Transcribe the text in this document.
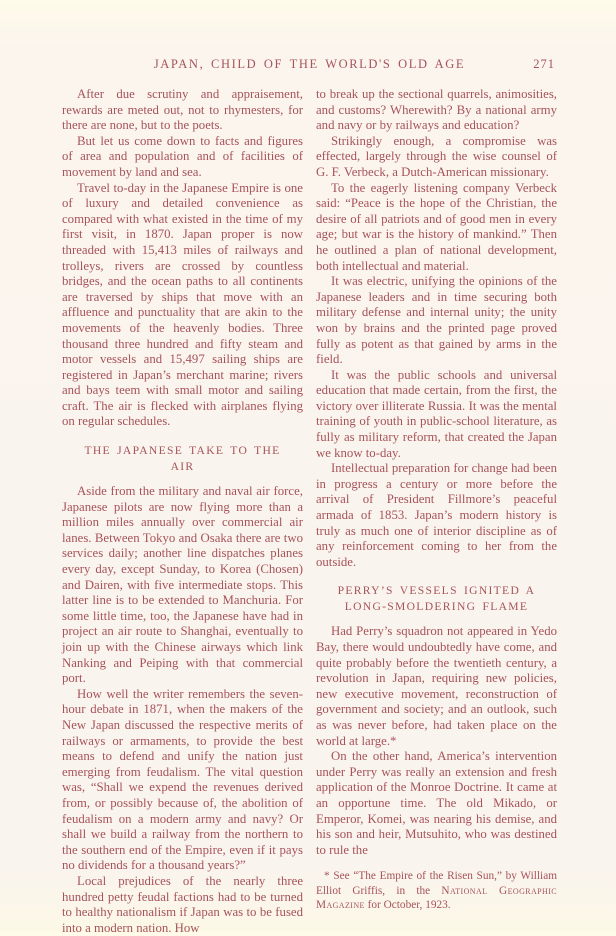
JAPAN, CHILD OF THE WORLD'S OLD AGE	271

After due scrutiny and appraisement, rewards are meted out, not to rhymesters, for there are none, but to the poets.

But let us come down to facts and figures of area and population and of facilities of movement by land and sea.

Travel to-day in the Japanese Empire is one of luxury and detailed convenience as compared with what existed in the time of my first visit, in 1870. Japan proper is now threaded with 15,413 miles of railways and trolleys, rivers are crossed by countless bridges, and the ocean paths to all continents are traversed by ships that move with an affluence and punctuality that are akin to the movements of the heavenly bodies. Three thousand three hundred and fifty steam and motor vessels and 15,497 sailing ships are registered in Japan’s merchant marine; rivers and bays teem with small motor and sailing craft. The air is flecked with airplanes flying on regular schedules.

THE JAPANESE TAKE TO THE AIR

Aside from the military and naval air force, Japanese pilots are now flying more than a million miles annually over commercial air lanes. Between Tokyo and Osaka there are two services daily; another line dispatches planes every day, except Sunday, to Korea (Chosen) and Dairen, with five intermediate stops. This latter line is to be extended to Manchuria. For some little time, too, the Japanese have had in project an air route to Shanghai, eventually to join up with the Chinese airways which link Nanking and Peiping with that commercial port.

How well the writer remembers the seven-hour debate in 1871, when the makers of the New Japan discussed the respective merits of railways or armaments, to provide the best means to defend and unify the nation just emerging from feudalism. The vital question was, “Shall we expend the revenues derived from, or possibly because of, the abolition of feudalism on a modern army and navy? Or shall we build a railway from the northern to the southern end of the Empire, even if it pays no dividends for a thousand years?”

Local prejudices of the nearly three hundred petty feudal factions had to be turned to healthy nationalism if Japan was to be fused into a modern nation. How

to break up the sectional quarrels, animosities, and customs? Wherewith? By a national army and navy or by railways and education?

Strikingly enough, a compromise was effected, largely through the wise counsel of G. F. Verbeck, a Dutch-American missionary.

To the eagerly listening company Verbeck said: “Peace is the hope of the Christian, the desire of all patriots and of good men in every age; but war is the history of mankind.” Then he outlined a plan of national development, both intellectual and material.

It was electric, unifying the opinions of the Japanese leaders and in time securing both military defense and internal unity; the unity won by brains and the printed page proved fully as potent as that gained by arms in the field.

It was the public schools and universal education that made certain, from the first, the victory over illiterate Russia. It was the mental training of youth in public-school literature, as fully as military reform, that created the Japan we know to-day.

Intellectual preparation for change had been in progress a century or more before the arrival of President Fillmore’s peaceful armada of 1853. Japan’s modern history is truly as much one of interior discipline as of any reinforcement coming to her from the outside.

PERRY’S VESSELS IGNITED A LONG-SMOLDERING FLAME

Had Perry’s squadron not appeared in Yedo Bay, there would undoubtedly have come, and quite probably before the twentieth century, a revolution in Japan, requiring new policies, new executive movement, reconstruction of government and society; and an outlook, such as was never before, had taken place on the world at large.*

On the other hand, America’s intervention under Perry was really an extension and fresh application of the Monroe Doctrine. It came at an opportune time. The old Mikado, or Emperor, Komei, was nearing his demise, and his son and heir, Mutsuhito, who was destined to rule the

* See “The Empire of the Risen Sun,” by William Elliot Griffis, in the National Geographic Magazine for October, 1923.
